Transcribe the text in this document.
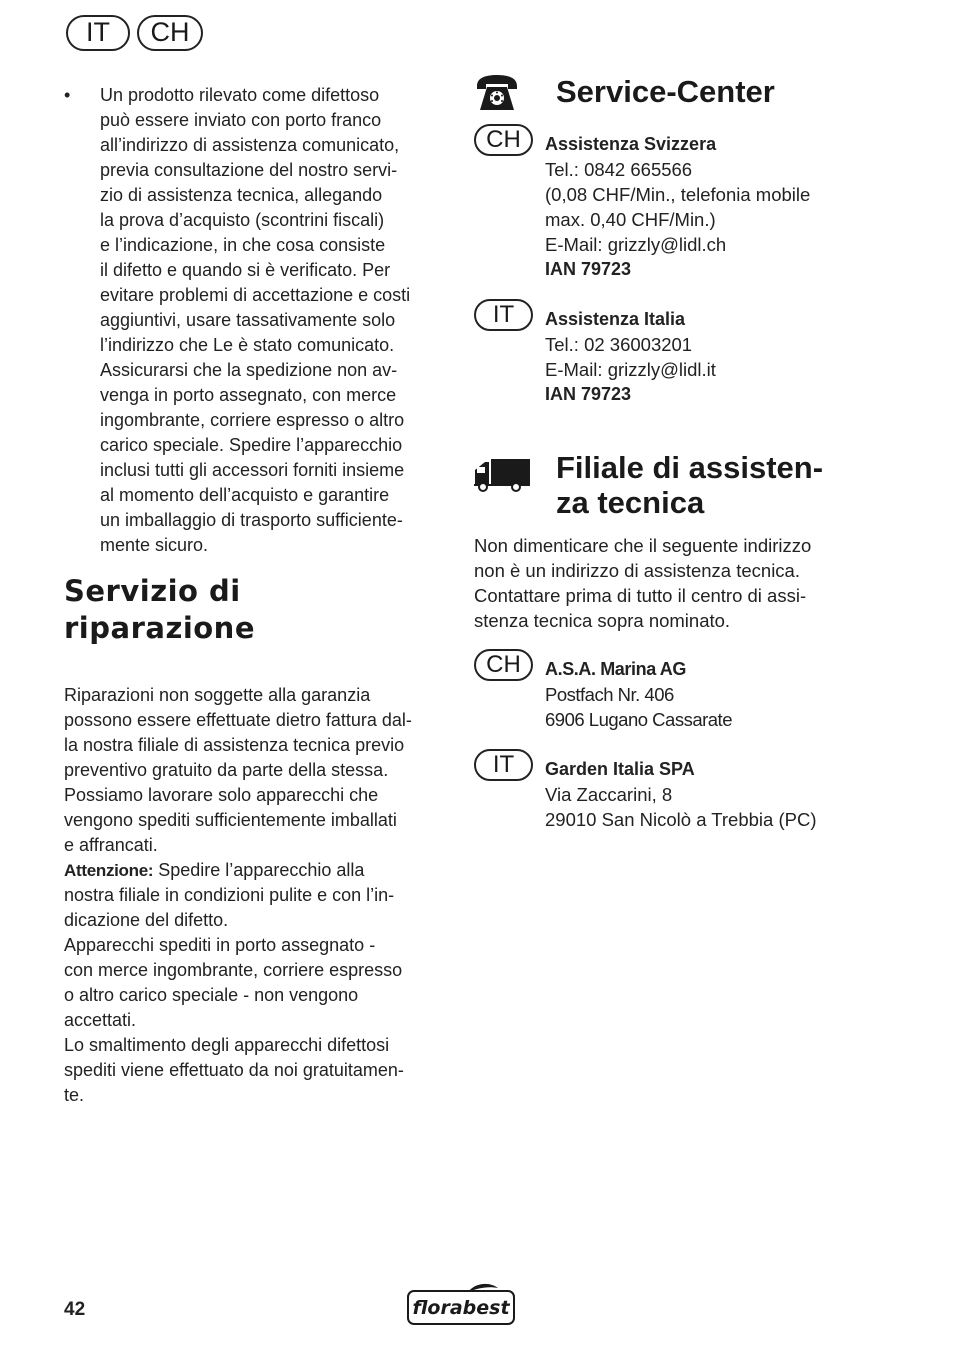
IT	CH
• Un prodotto rilevato come difettoso
può essere inviato con porto franco
all’indirizzo di assistenza comunicato,
previa consultazione del nostro servi-
zio di assistenza tecnica, allegando
la prova d’acquisto (scontrini fiscali)
e l’indicazione, in che cosa consiste
il difetto e quando si è verificato. Per
evitare problemi di accettazione e costi
aggiuntivi, usare tassativamente solo
l’indirizzo che Le è stato comunicato.
Assicurarsi che la spedizione non av-
venga in porto assegnato, con merce
ingombrante, corriere espresso o altro
carico speciale. Spedire l’apparecchio
inclusi tutti gli accessori forniti insieme
al momento dell’acquisto e garantire
un imballaggio di trasporto sufficiente-
mente sicuro.
Servizio di
riparazione
Riparazioni non soggette alla garanzia
possono essere effettuate dietro fattura dal-
la nostra filiale di assistenza tecnica previo
preventivo gratuito da parte della stessa.
Possiamo lavorare solo apparecchi che
vengono spediti sufficientemente imballati
e affrancati.
Attenzione: Spedire l’apparecchio alla
nostra filiale in condizioni pulite e con l’in-
dicazione del difetto.
Apparecchi spediti in porto assegnato -
con merce ingombrante, corriere espresso
o altro carico speciale - non vengono
accettati.
Lo smaltimento degli apparecchi difettosi
spediti viene effettuato da noi gratuitamen-
te.
Service-Center
CH	Assistenza Svizzera
Tel.: 0842 665566
(0,08 CHF/Min., telefonia mobile
max. 0,40 CHF/Min.)
E-Mail: grizzly@lidl.ch
IAN 79723
IT	Assistenza Italia
Tel.: 02 36003201
E-Mail: grizzly@lidl.it
IAN 79723
Filiale di assisten-
za tecnica
Non dimenticare che il seguente indirizzo
non è un indirizzo di assistenza tecnica.
Contattare prima di tutto il centro di assi-
stenza tecnica sopra nominato.
CH	A.S.A. Marina AG
Postfach Nr. 406
6906 Lugano Cassarate
IT	Garden Italia SPA
Via Zaccarini, 8
29010 San Nicolò a Trebbia (PC)
42	florabest
